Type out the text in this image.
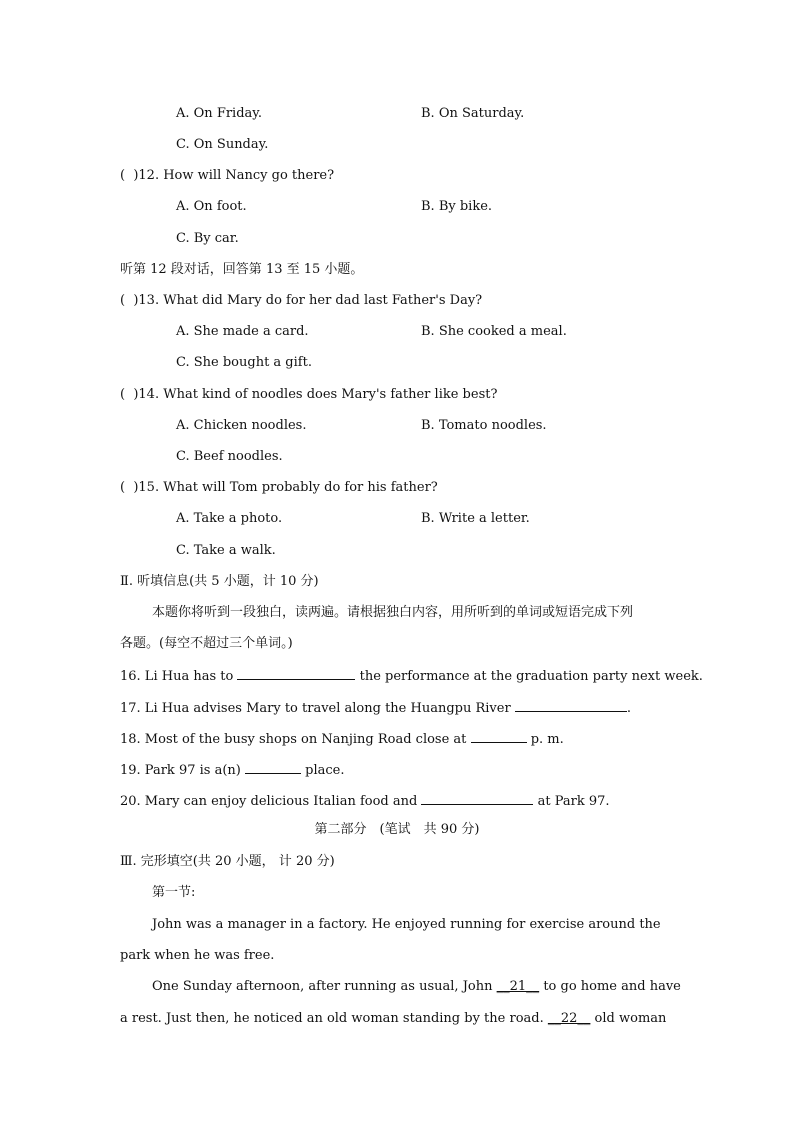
A. On Friday.	B. On Saturday.
C. On Sunday.
(  )12. How will Nancy go there?
A. On foot.	B. By bike.
C. By car.
听第 12 段对话，回答第 13 至 15 小题。
(  )13. What did Mary do for her dad last Father's Day?
A. She made a card.	B. She cooked a meal.
C. She bought a gift.
(  )14. What kind of noodles does Mary's father like best?
A. Chicken noodles.	B. Tomato noodles.
C. Beef noodles.
(  )15. What will Tom probably do for his father?
A. Take a photo.	B. Write a letter.
C. Take a walk.
Ⅱ. 听填信息(共 5 小题，计 10 分)
本题你将听到一段独白，读两遍。请根据独白内容，用所听到的单词或短语完成下列
各题。(每空不超过三个单词。)
16. Li Hua has to	the performance at the graduation party next week.
17. Li Hua advises Mary to travel along the Huangpu River	.
18. Most of the busy shops on Nanjing Road close at	p. m.
19. Park 97 is a(n)	place.
20. Mary can enjoy delicious Italian food and	at Park 97.
第二部分　(笔试　共 90 分)
Ⅲ. 完形填空(共 20 小题， 计 20 分)
第一节:
John was a manager in a factory. He enjoyed running for exercise around the
park when he was free.
One Sunday afternoon, after running as usual, John __21__ to go home and have
a rest. Just then, he noticed an old woman standing by the road. __22__ old woman
